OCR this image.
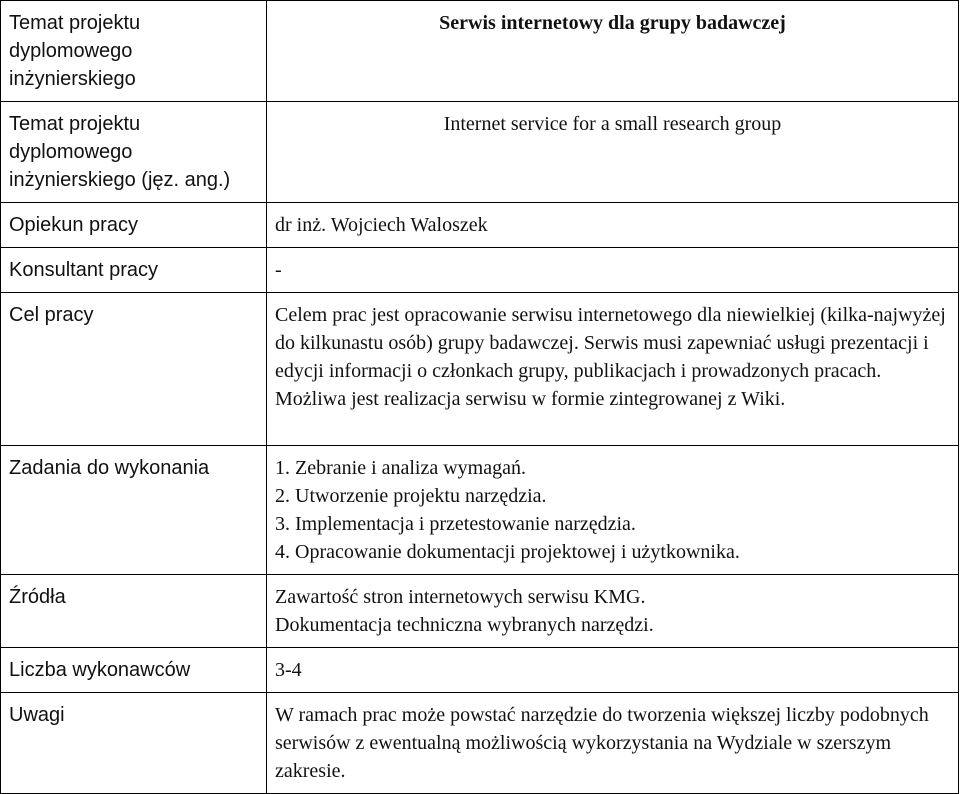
Temat projektu dyplomowego inżynierskiego	Serwis internetowy dla grupy badawczej
Temat projektu dyplomowego inżynierskiego (jęz. ang.)	Internet service for a small research group
Opiekun pracy	dr inż. Wojciech Waloszek
Konsultant pracy	-
Cel pracy	Celem prac jest opracowanie serwisu internetowego dla niewielkiej (kilka-najwyżej do kilkunastu osób) grupy badawczej. Serwis musi zapewniać usługi prezentacji i edycji informacji o członkach grupy, publikacjach i prowadzonych pracach. Możliwa jest realizacja serwisu w formie zintegrowanej z Wiki.
Zadania do wykonania	1. Zebranie i analiza wymagań.
2. Utworzenie projektu narzędzia.
3. Implementacja i przetestowanie narzędzia.
4. Opracowanie dokumentacji projektowej i użytkownika.

Źródła	Zawartość stron internetowych serwisu KMG.
Dokumentacja techniczna wybranych narzędzi.

Liczba wykonawców	3-4
Uwagi	W ramach prac może powstać narzędzie do tworzenia większej liczby podobnych serwisów z ewentualną możliwością wykorzystania na Wydziale w szerszym zakresie.
